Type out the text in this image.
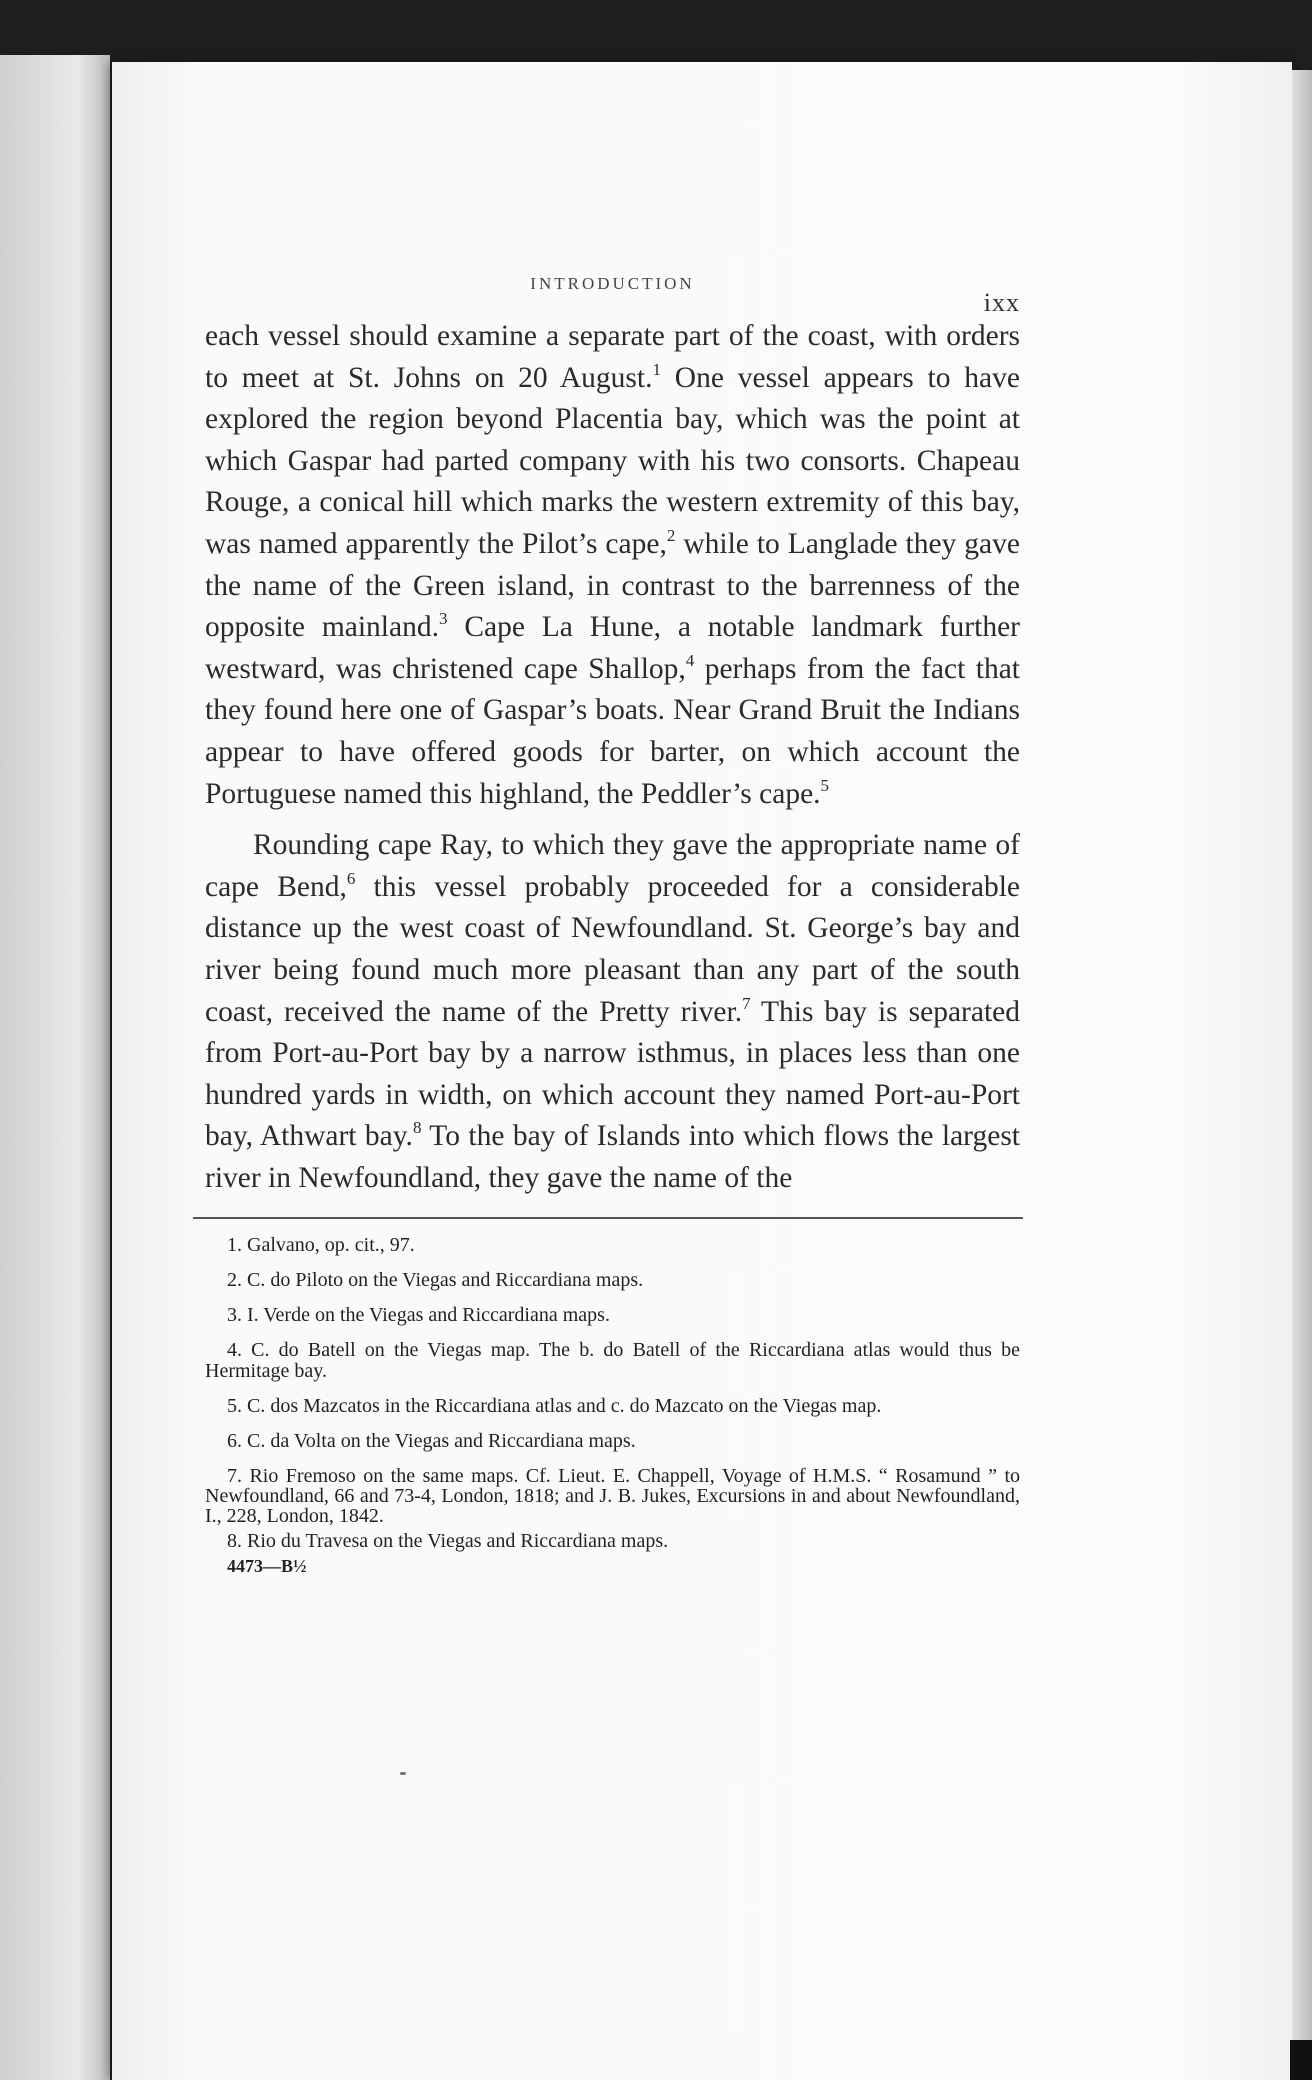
INTRODUCTION
ixx

each vessel should examine a separate part of the coast, with orders to meet at St. Johns on 20 August.$^1$ One vessel appears to have explored the region beyond Placentia bay, which was the point at which Gaspar had parted company with his two consorts. Chapeau Rouge, a conical hill which marks the western extremity of this bay, was named apparently the Pilot’s cape,$^2$ while to Langlade they gave the name of the Green island, in contrast to the barrenness of the opposite mainland.$^3$ Cape La Hune, a notable landmark further westward, was christened cape Shallop,$^4$ perhaps from the fact that they found here one of Gaspar’s boats. Near Grand Bruit the Indians appear to have offered goods for barter, on which account the Portuguese named this highland, the Peddler’s cape.$^5$

Rounding cape Ray, to which they gave the appropriate name of cape Bend,$^6$ this vessel probably proceeded for a considerable distance up the west coast of Newfoundland. St. George’s bay and river being found much more pleasant than any part of the south coast, received the name of the Pretty river.$^7$ This bay is separated from Port-au-Port bay by a narrow isthmus, in places less than one hundred yards in width, on which account they named Port-au-Port bay, Athwart bay.$^8$ To the bay of Islands into which flows the largest river in Newfoundland, they gave the name of the

1. Galvano, op. cit., 97.
2. C. do Piloto on the Viegas and Riccardiana maps.
3. I. Verde on the Viegas and Riccardiana maps.
4. C. do Batell on the Viegas map. The b. do Batell of the Riccardiana atlas would thus be Hermitage bay.
5. C. dos Mazcatos in the Riccardiana atlas and c. do Mazcato on the Viegas map.
6. C. da Volta on the Viegas and Riccardiana maps.
7. Rio Fremoso on the same maps. Cf. Lieut. E. Chappell, Voyage of H.M.S. “ Rosamund ” to Newfoundland, 66 and 73-4, London, 1818; and J. B. Jukes, Excursions in and about Newfoundland, I., 228, London, 1842.
8. Rio du Travesa on the Viegas and Riccardiana maps.
4473—B½
